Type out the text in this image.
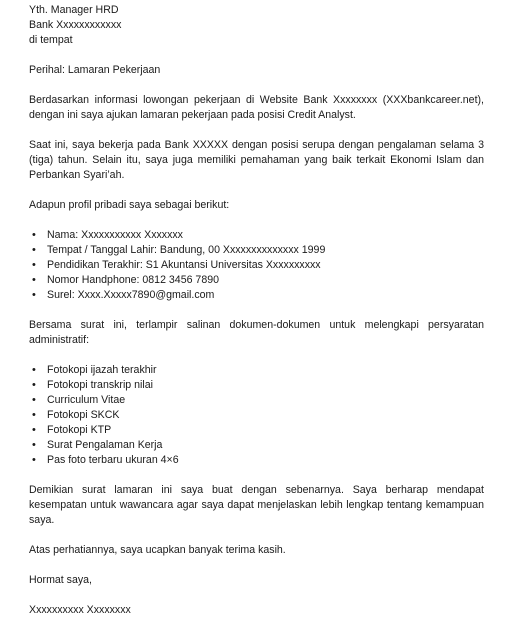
Yth. Manager HRD

Bank Xxxxxxxxxxxx

di tempat

Perihal: Lamaran Pekerjaan

Berdasarkan informasi lowongan pekerjaan di Website Bank Xxxxxxxx (XXXbankcareer.net),

dengan ini saya ajukan lamaran pekerjaan pada posisi Credit Analyst.

Saat ini, saya bekerja pada Bank XXXXX dengan posisi serupa dengan pengalaman selama 3 (tiga) tahun. Selain itu, saya juga memiliki pemahaman yang baik terkait Ekonomi Islam dan Perbankan Syari’ah.

Adapun profil pribadi saya sebagai berikut:

• Nama: Xxxxxxxxxxx Xxxxxxx
• Tempat / Tanggal Lahir: Bandung, 00 Xxxxxxxxxxxxxx 1999
• Pendidikan Terakhir: S1 Akuntansi Universitas Xxxxxxxxxx
• Nomor Handphone: 0812 3456 7890
• Surel: Xxxx.Xxxxx7890@gmail.com

Bersama surat ini, terlampir salinan dokumen-dokumen untuk melengkapi persyaratan

administratif:

• Fotokopi ijazah terakhir
• Fotokopi transkrip nilai
• Curriculum Vitae
• Fotokopi SKCK
• Fotokopi KTP
• Surat Pengalaman Kerja
• Pas foto terbaru ukuran 4×6

Demikian surat lamaran ini saya buat dengan sebenarnya. Saya berharap mendapat kesempatan untuk wawancara agar saya dapat menjelaskan lebih lengkap tentang kemampuan saya.

Atas perhatiannya, saya ucapkan banyak terima kasih.

Hormat saya,

Xxxxxxxxxx Xxxxxxxx
